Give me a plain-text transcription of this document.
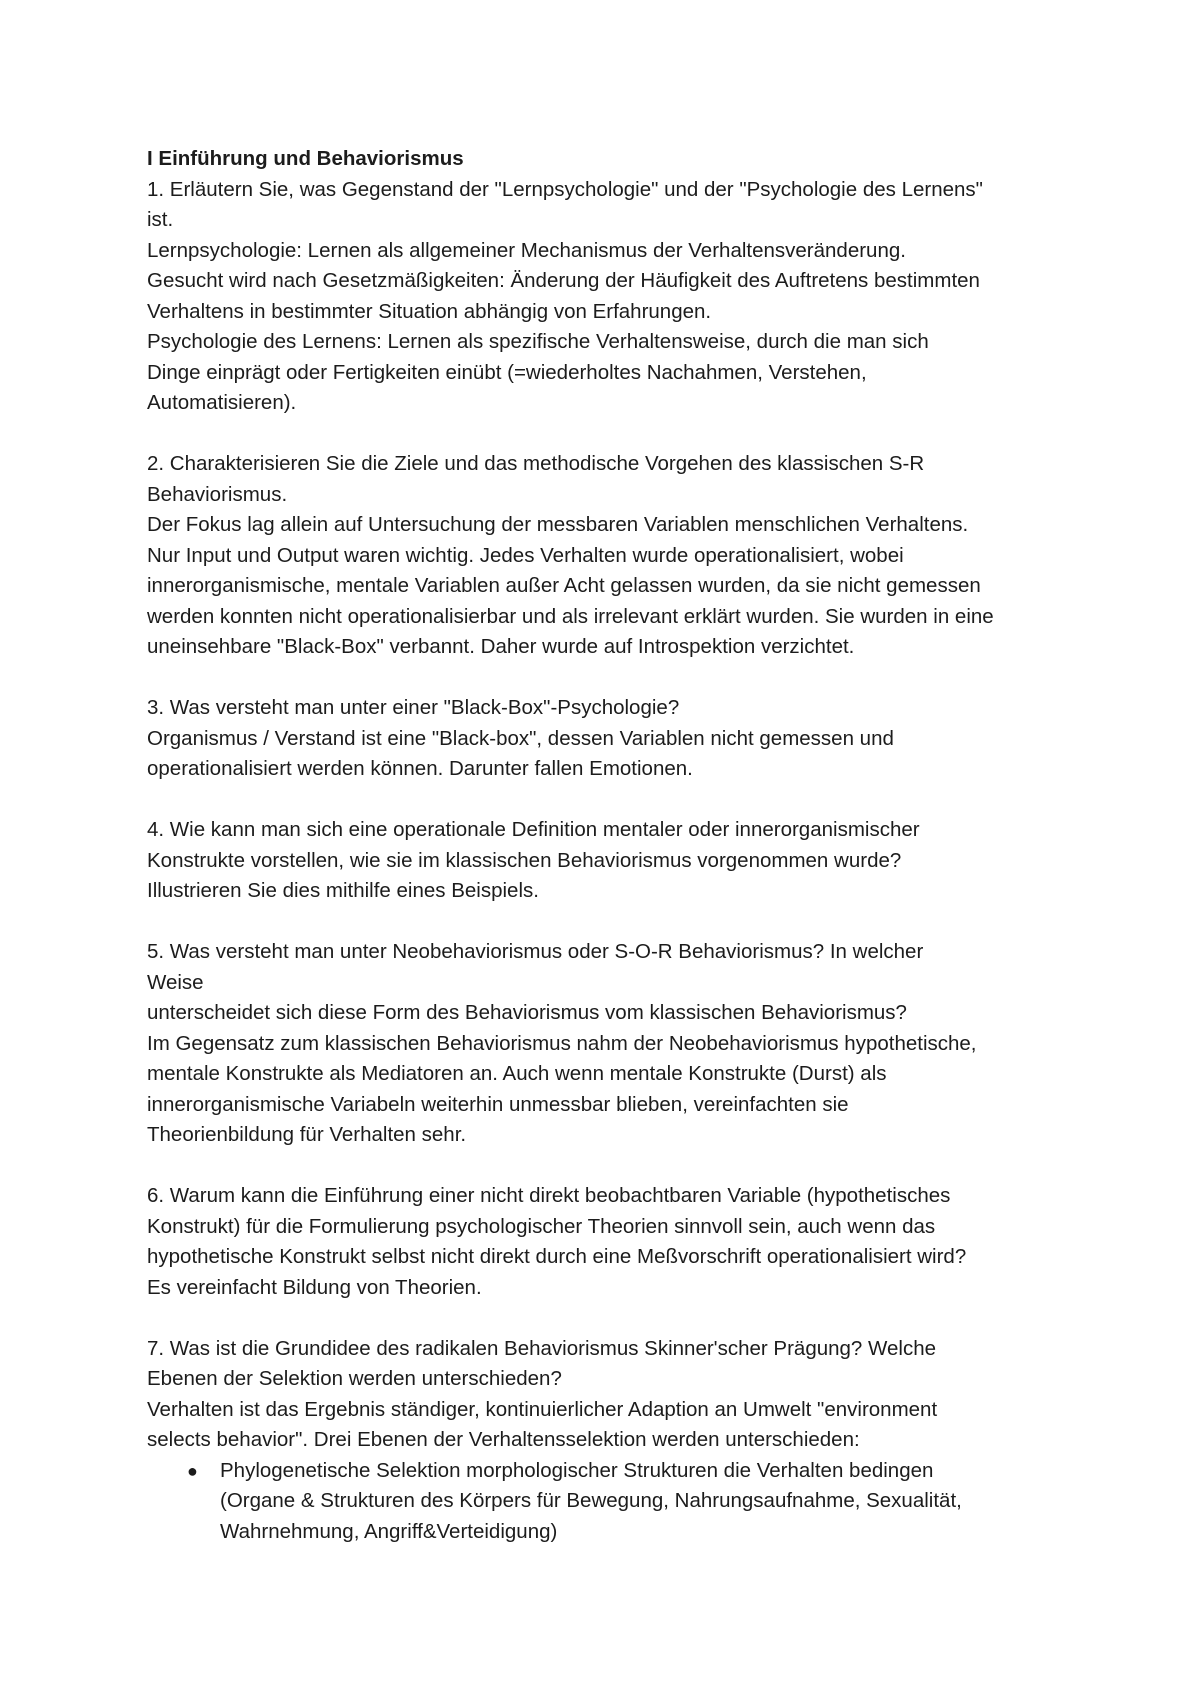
I Einführung und Behaviorismus
1. Erläutern Sie, was Gegenstand der "Lernpsychologie" und der "Psychologie des Lernens"
ist.
Lernpsychologie: Lernen als allgemeiner Mechanismus der Verhaltensveränderung.
Gesucht wird nach Gesetzmäßigkeiten: Änderung der Häufigkeit des Auftretens bestimmten
Verhaltens in bestimmter Situation abhängig von Erfahrungen.
Psychologie des Lernens: Lernen als spezifische Verhaltensweise, durch die man sich
Dinge einprägt oder Fertigkeiten einübt (=wiederholtes Nachahmen, Verstehen,
Automatisieren).
2. Charakterisieren Sie die Ziele und das methodische Vorgehen des klassischen S-R
Behaviorismus.
Der Fokus lag allein auf Untersuchung der messbaren Variablen menschlichen Verhaltens.
Nur Input und Output waren wichtig. Jedes Verhalten wurde operationalisiert, wobei
innerorganismische, mentale Variablen außer Acht gelassen wurden, da sie nicht gemessen
werden konnten nicht operationalisierbar und als irrelevant erklärt wurden. Sie wurden in eine
uneinsehbare "Black-Box" verbannt. Daher wurde auf Introspektion verzichtet.
3. Was versteht man unter einer "Black-Box"-Psychologie?
Organismus / Verstand ist eine "Black-box", dessen Variablen nicht gemessen und
operationalisiert werden können. Darunter fallen Emotionen.
4. Wie kann man sich eine operationale Definition mentaler oder innerorganismischer
Konstrukte vorstellen, wie sie im klassischen Behaviorismus vorgenommen wurde?
Illustrieren Sie dies mithilfe eines Beispiels.
5. Was versteht man unter Neobehaviorismus oder S-O-R Behaviorismus? In welcher
Weise
unterscheidet sich diese Form des Behaviorismus vom klassischen Behaviorismus?
Im Gegensatz zum klassischen Behaviorismus nahm der Neobehaviorismus hypothetische,
mentale Konstrukte als Mediatoren an. Auch wenn mentale Konstrukte (Durst) als
innerorganismische Variabeln weiterhin unmessbar blieben, vereinfachten sie
Theorienbildung für Verhalten sehr.
6. Warum kann die Einführung einer nicht direkt beobachtbaren Variable (hypothetisches
Konstrukt) für die Formulierung psychologischer Theorien sinnvoll sein, auch wenn das
hypothetische Konstrukt selbst nicht direkt durch eine Meßvorschrift operationalisiert wird?
Es vereinfacht Bildung von Theorien.
7. Was ist die Grundidee des radikalen Behaviorismus Skinner'scher Prägung? Welche
Ebenen der Selektion werden unterschieden?
Verhalten ist das Ergebnis ständiger, kontinuierlicher Adaption an Umwelt "environment
selects behavior". Drei Ebenen der Verhaltensselektion werden unterschieden:
● Phylogenetische Selektion morphologischer Strukturen die Verhalten bedingen
(Organe & Strukturen des Körpers für Bewegung, Nahrungsaufnahme, Sexualität,
Wahrnehmung, Angriff&Verteidigung)
